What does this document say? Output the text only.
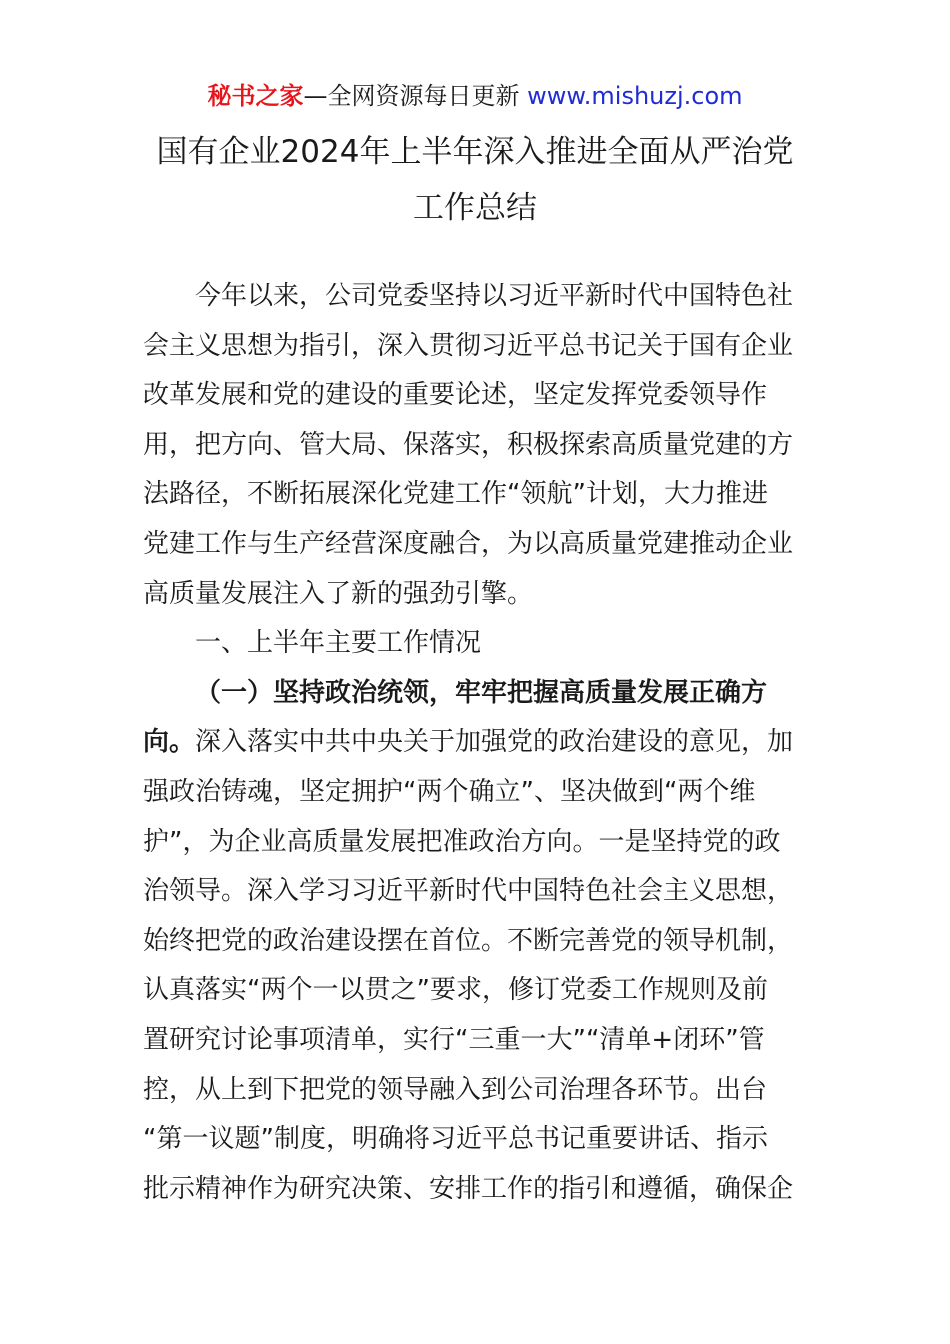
秘书之家—全网资源每日更新 www.mishuzj.com
国有企业2024年上半年深入推进全面从严治党
工作总结
今年以来，公司党委坚持以习近平新时代中国特色社
会主义思想为指引，深入贯彻习近平总书记关于国有企业
改革发展和党的建设的重要论述，坚定发挥党委领导作
用，把方向、管大局、保落实，积极探索高质量党建的方
法路径，不断拓展深化党建工作“领航”计划，大力推进
党建工作与生产经营深度融合，为以高质量党建推动企业
高质量发展注入了新的强劲引擎。
一、上半年主要工作情况
（一）坚持政治统领，牢牢把握高质量发展正确方
向。深入落实中共中央关于加强党的政治建设的意见，加
强政治铸魂，坚定拥护“两个确立”、坚决做到“两个维
护”，为企业高质量发展把准政治方向。一是坚持党的政
治领导。深入学习习近平新时代中国特色社会主义思想，
始终把党的政治建设摆在首位。不断完善党的领导机制，
认真落实“两个一以贯之”要求，修订党委工作规则及前
置研究讨论事项清单，实行“三重一大”“清单+闭环”管
控，从上到下把党的领导融入到公司治理各环节。出台
“第一议题”制度，明确将习近平总书记重要讲话、指示
批示精神作为研究决策、安排工作的指引和遵循，确保企
